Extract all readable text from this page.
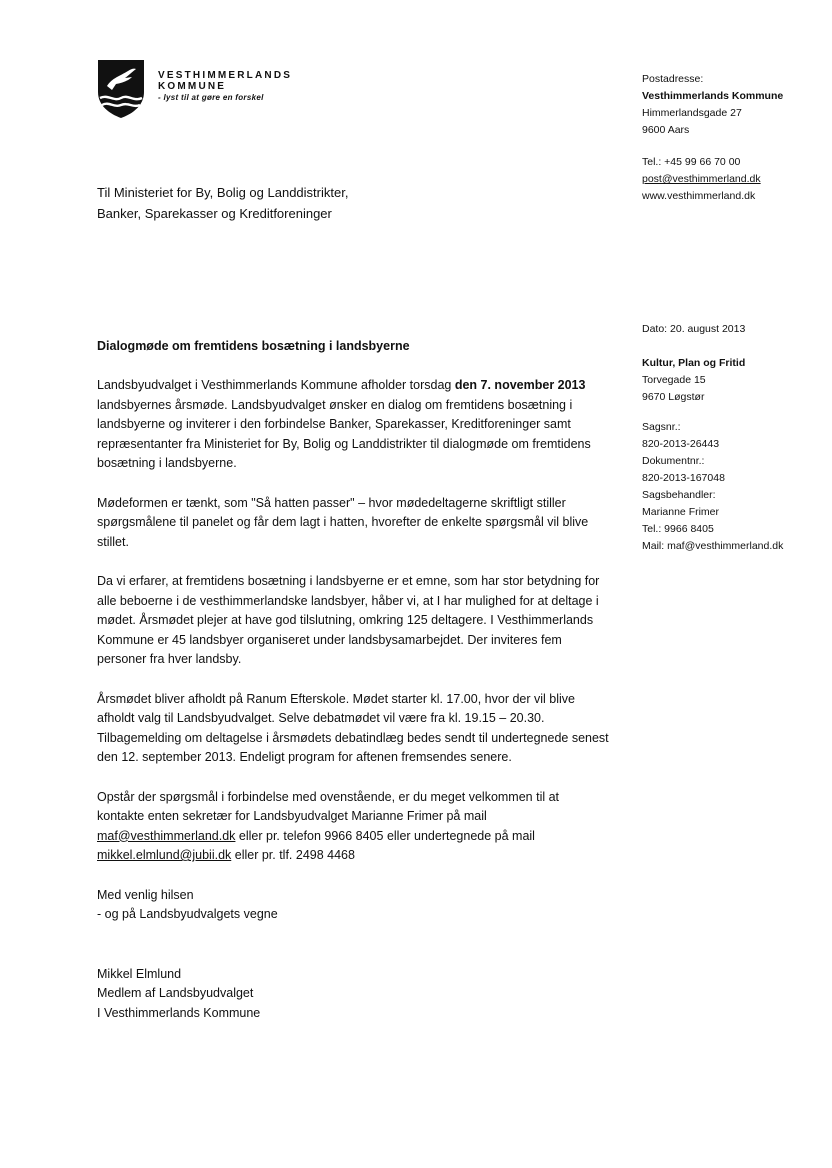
VESTHIMMERLANDS
KOMMUNE
- lyst til at gøre en forskel
Postadresse:
Vesthimmerlands Kommune
Himmerlandsgade 27
9600 Aars
Tel.: +45 99 66 70 00
post@vesthimmerland.dk
www.vesthimmerland.dk
Dato: 20. august 2013
Kultur, Plan og Fritid
Torvegade 15
9670 Løgstør
Sagsnr.:
820-2013-26443
Dokumentnr.:
820-2013-167048
Sagsbehandler:
Marianne Frimer
Tel.: 9966 8405
Mail: maf@vesthimmerland.dk
Til Ministeriet for By, Bolig og Landdistrikter,
Banker, Sparekasser og Kreditforeninger
Dialogmøde om fremtidens bosætning i landsbyerne

Landsbyudvalget i Vesthimmerlands Kommune afholder torsdag den 7. november 2013 landsbyernes årsmøde. Landsbyudvalget ønsker en dialog om fremtidens bosætning i landsbyerne og inviterer i den forbindelse Banker, Sparekasser, Kreditforeninger samt repræsentanter fra Ministeriet for By, Bolig og Landdistrikter til dialogmøde om fremtidens bosætning i landsbyerne.

Mødeformen er tænkt, som "Så hatten passer" – hvor mødedeltagerne skriftligt stiller spørgsmålene til panelet og får dem lagt i hatten, hvorefter de enkelte spørgsmål vil blive stillet.

Da vi erfarer, at fremtidens bosætning i landsbyerne er et emne, som har stor betydning for alle beboerne i de vesthimmerlandske landsbyer, håber vi, at I har mulighed for at deltage i mødet. Årsmødet plejer at have god tilslutning, omkring 125 deltagere. I Vesthimmerlands Kommune er 45 landsbyer organiseret under landsbysamarbejdet. Der inviteres fem personer fra hver landsby.

Årsmødet bliver afholdt på Ranum Efterskole. Mødet starter kl. 17.00, hvor der vil blive afholdt valg til Landsbyudvalget. Selve debatmødet vil være fra kl. 19.15 – 20.30. Tilbagemelding om deltagelse i årsmødets debatindlæg bedes sendt til undertegnede senest den 12. september 2013. Endeligt program for aftenen fremsendes senere.

Opstår der spørgsmål i forbindelse med ovenstående, er du meget velkommen til at kontakte enten sekretær for Landsbyudvalget Marianne Frimer på mail maf@vesthimmerland.dk eller pr. telefon 9966 8405 eller undertegnede på mail mikkel.elmlund@jubii.dk eller pr. tlf. 2498 4468

Med venlig hilsen
- og på Landsbyudvalgets vegne
Mikkel Elmlund
Medlem af Landsbyudvalget
I Vesthimmerlands Kommune
